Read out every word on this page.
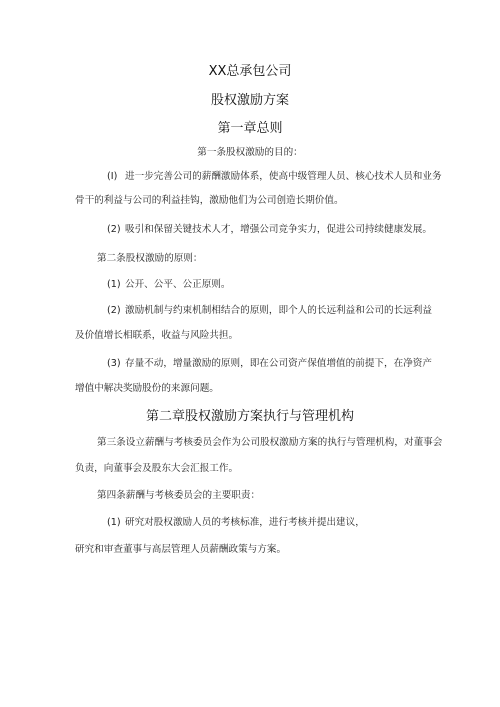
XX总承包公司
股权激励方案
第一章总则
第一条股权激励的目的：
(I) 进一步完善公司的薪酬激励体系，使高中级管理人员、核心技术人员和业务
骨干的利益与公司的利益挂钩，激励他们为公司创造长期价值。
(2) 吸引和保留关键技术人才，增强公司竞争实力，促进公司持续健康发展。
第二条股权激励的原则：
(1) 公开、公平、公正原则。
(2) 激励机制与约束机制相结合的原则，即个人的长远利益和公司的长远利益
及价值增长相联系，收益与风险共担。
(3) 存量不动，增量激励的原则，即在公司资产保值增值的前提下，在净资产
增值中解决奖励股份的来源问题。
第二章股权激励方案执行与管理机构
第三条设立薪酬与考核委员会作为公司股权激励方案的执行与管理机构，对董事会
负责，向董事会及股东大会汇报工作。
第四条薪酬与考核委员会的主要职责：
(1) 研究对股权激励人员的考核标准，进行考核并提出建议，
研究和审查董事与高层管理人员薪酬政策与方案。
